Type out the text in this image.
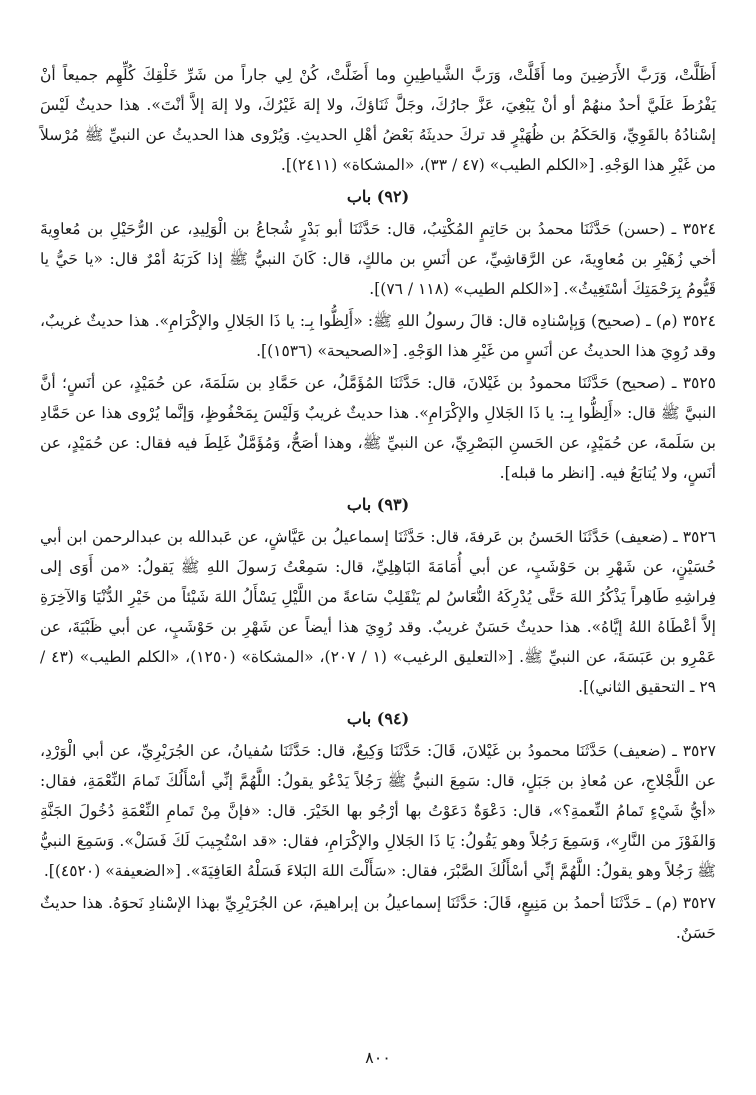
أَظَلَّتْ، وَرَبَّ الأَرَضِينَ وما أَقَلَّتْ، وَرَبَّ الشَّياطِينِ وما أَضَلَّتْ، كُنْ لِي جاراً من شَرِّ خَلْقِكَ كُلِّهِم جميعاً أنْ يَفْرُطَ عَلَيَّ أحدٌ منهُمْ أو أنْ يَبْغِيَ، عَزَّ جارُكَ، وجَلَّ ثَنَاؤكَ، ولا إلهَ غَيْرُكَ، ولا إلهَ إلاَّ أنْتَ». هذا حديثٌ لَيْسَ إسْنادُهُ بالقَوِيِّ، وَالحَكَمُ بن ظُهَيْرٍ قد تركَ حديثَهُ بَعْضُ أهْلِ الحديثِ. وَيُرْوى هذا الحديثُ عن النبيِّ ﷺ مُرْسلاً من غَيْرِ هذا الوَجْهِ. [«الكلم الطيب» (٤٧ / ٣٣)، «المشكاة» (٢٤١١)].
(٩٢) باب
٣٥٢٤ ـ (حسن) حَدَّثَنَا محمدُ بن حَاتِمٍ المُكْتِبُ، قال: حَدَّثَنَا أبو بَدْرٍ شُجاعُ بن الْوَلِيدِ، عن الرُّحَيْلِ بن مُعاوِيةَ أخي زُهَيْرِ بن مُعاوِيةَ، عن الرَّقاشِيِّ، عن أنَسِ بن مالكٍ، قال: كَانَ النبيُّ ﷺ إذا كَرَبَهُ أمْرٌ قال: «يا حَيُّ يا قَيُّومُ بِرَحْمَتِكَ أسْتَغِيثُ». [«الكلم الطيب» (١١٨ / ٧٦)].
٣٥٢٤ (م) ـ (صحيح) وَبِإسْنادِه قال: قالَ رسولُ اللهِ ﷺ: «أَلِظُّوا بِـ: يا ذَا الجَلالِ والإكْرَامِ». هذا حديثٌ غريبٌ، وقد رُوِيَ هذا الحديثُ عن أنَسٍ من غَيْرِ هذا الوَجْهِ. [«الصحيحة» (١٥٣٦)].
٣٥٢٥ ـ (صحيح) حَدَّثَنَا محمودُ بن غَيْلانَ، قال: حَدَّثَنَا المُؤَمَّلُ، عن حَمَّادِ بن سَلَمَةَ، عن حُمَيْدٍ، عن أنَسٍ؛ أنَّ النبيَّ ﷺ قال: «أَلِظُّوا بِـ: يا ذَا الجَلالِ والإكْرَامِ». هذا حديثٌ غريبٌ وَلَيْسَ بِمَحْفُوظٍ، وَإنَّما يُرْوى هذا عن حَمَّادِ بن سَلَمةَ، عن حُمَيْدٍ، عن الحَسنِ البَصْرِيِّ، عن النبيِّ ﷺ، وهذا أصَحُّ، وَمُؤَمَّلٌ غَلِطَ فيه فقال: عن حُمَيْدٍ، عن أنَسٍ، ولا يُتابَعُ فيه. [انظر ما قبله].
(٩٣) باب
٣٥٢٦ ـ (ضعيف) حَدَّثَنَا الحَسنُ بن عَرفةَ، قال: حَدَّثَنَا إسماعيلُ بن عَيَّاشٍ، عن عَبدالله بن عبدالرحمن ابن أبي حُسَيْنٍ، عن شَهْرِ بن حَوْشَبٍ، عن أبي أُمَامَةَ البَاهِلِيِّ، قال: سَمِعْتُ رَسولَ اللهِ ﷺ يَقولُ: «من أَوَى إلى فِراشِهِ طَاهِراً يَذْكُرُ اللهَ حَتَّى يُدْرِكَهُ النُّعَاسُ لم يَنْقَلِبْ سَاعةً من اللَّيْلِ يَسْأَلُ اللهَ شَيْئاً من خَيْرِ الدُّنْيَا وَالآخِرَةِ إلاَّ أعْطَاهُ اللهُ إيَّاهُ». هذا حديثٌ حَسَنٌ غريبٌ. وقد رُوِيَ هذا أيضاً عن شَهْرِ بن حَوْشَبٍ، عن أبي ظَبْيَةَ، عن عَمْرِو بن عَبَسَةَ، عن النبيِّ ﷺ. [«التعليق الرغيب» (١ / ٢٠٧)، «المشكاة» (١٢٥٠)، «الكلم الطيب» (٤٣ / ٢٩ ـ التحقيق الثاني)].
(٩٤) باب
٣٥٢٧ ـ (ضعيف) حَدَّثَنَا محمودُ بن غَيْلانَ، قَالَ: حَدَّثَنَا وَكِيعٌ، قال: حَدَّثَنَا سُفيانُ، عن الجُرَيْرِيِّ، عن أبي الْوَرْدِ، عن اللَّجْلاجِ، عن مُعاذِ بن جَبَلٍ، قال: سَمِعَ النبيُّ ﷺ رَجُلاً يَدْعُو يقولُ: اللَّهُمَّ إنِّي أسْأَلُكَ تَمامَ النِّعْمَةِ، فقال: «أيُّ شَيْءٍ تَمامُ النِّعمةِ؟»، قال: دَعْوَةٌ دَعَوْتُ بها أرْجُو بها الخَيْرَ. قال: «فإنَّ مِنْ تَمامِ النِّعْمَةِ دُخُولَ الجَنَّةِ وَالفَوْزَ من النَّارِ»، وَسَمِعَ رَجُلاً وهو يَقُولُ: يَا ذَا الجَلالِ والإكْرَامِ، فقال: «قد اسْتُجِيبَ لَكَ فَسَلْ». وَسَمِعَ النبيُّ ﷺ رَجُلاً وهو يقولُ: اللَّهُمَّ إنِّي أسْأَلُكَ الصَّبْرَ، فقال: «سَأَلْتَ اللهَ البَلاءَ فَسَلْهُ العَافِيَةَ». [«الضعيفة» (٤٥٢٠)].
٣٥٢٧ (م) ـ حَدَّثَنَا أحمدُ بن مَنِيعٍ، قَالَ: حَدَّثَنَا إسماعيلُ بن إبراهيمَ، عن الجُرَيْرِيِّ بهذا الإسْنادِ نَحوَهُ. هذا حديثٌ حَسَنٌ.
٨٠٠
